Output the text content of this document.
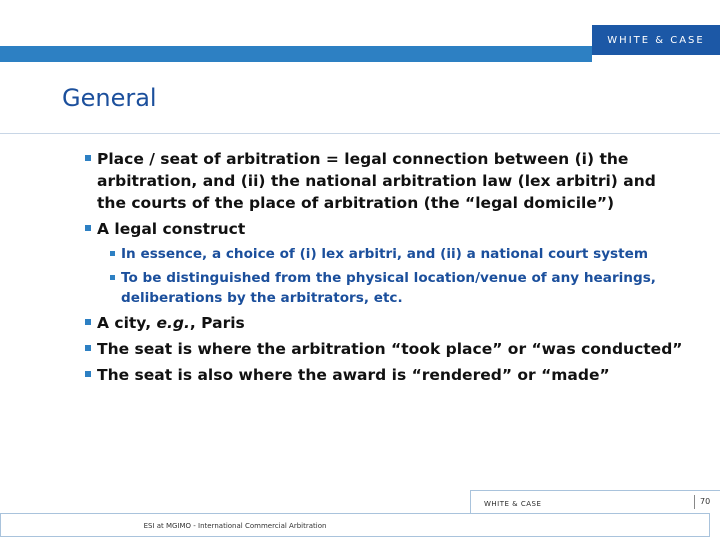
WHITE & CASE
General
Place / seat of arbitration = legal connection between (i) the arbitration, and (ii) the national arbitration law (lex arbitri) and the courts of the place of arbitration (the “legal domicile”)
A legal construct
In essence, a choice of (i) lex arbitri, and (ii) a national court system
To be distinguished from the physical location/venue of any hearings, deliberations by the arbitrators, etc.
A city, e.g., Paris
The seat is where the arbitration “took place” or “was conducted”
The seat is also where the award is “rendered” or “made”
WHITE & CASE	70
ESI at MGIMO - International Commercial Arbitration
